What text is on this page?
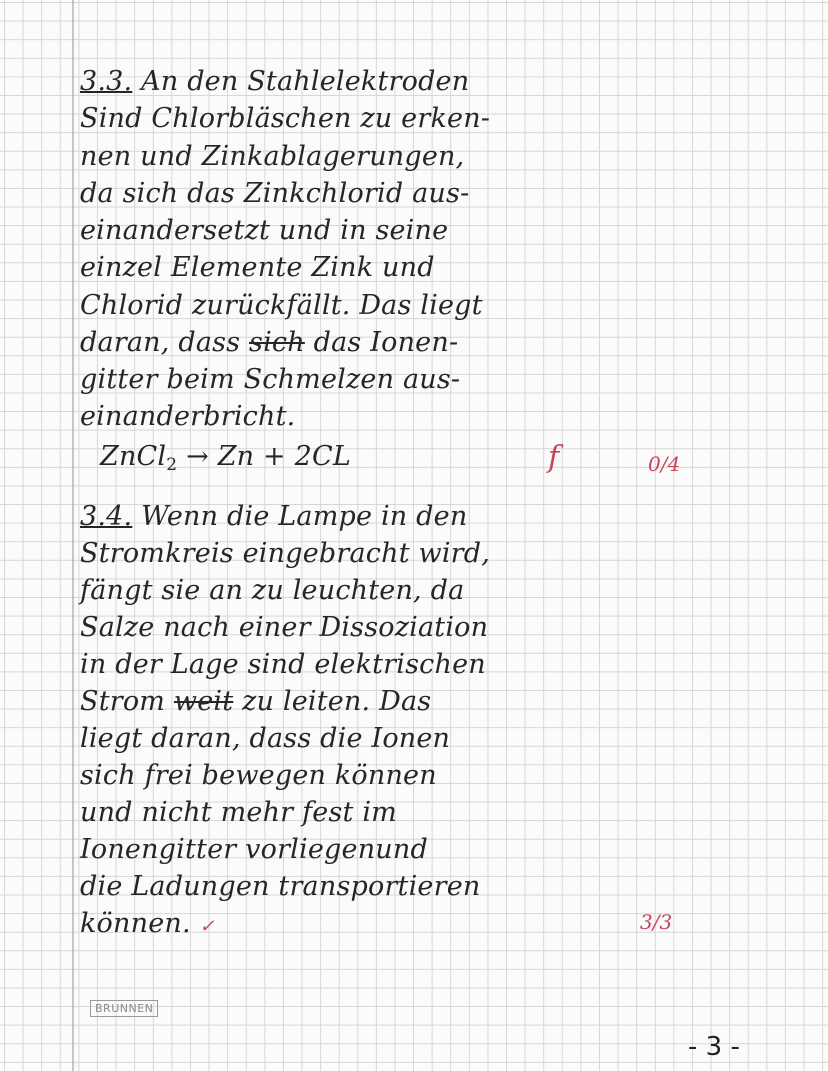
3.3. An den Stahlelektroden

Sind Chlorbläschen zu erken-

nen und Zinkablagerungen,

da sich das Zinkchlorid aus-

einandersetzt und in seine

einzel Elemente Zink und

Chlorid zurückfällt. Das liegt

daran, dass sich das Ionen-

gitter beim Schmelzen aus-

einanderbricht.

ZnCl$_2$ → Zn + 2CL	f	0/4

3.4. Wenn die Lampe in den

Stromkreis eingebracht wird,

fängt sie an zu leuchten, da

Salze nach einer Dissoziation

in der Lage sind elektrischen

Strom weit zu leiten. Das

liegt daran, dass die Ionen

sich frei bewegen können

und nicht mehr fest im

Ionengitter vorliegenund

die Ladungen transportieren

können. ✓	3/3
BRUNNEN
- 3 -
